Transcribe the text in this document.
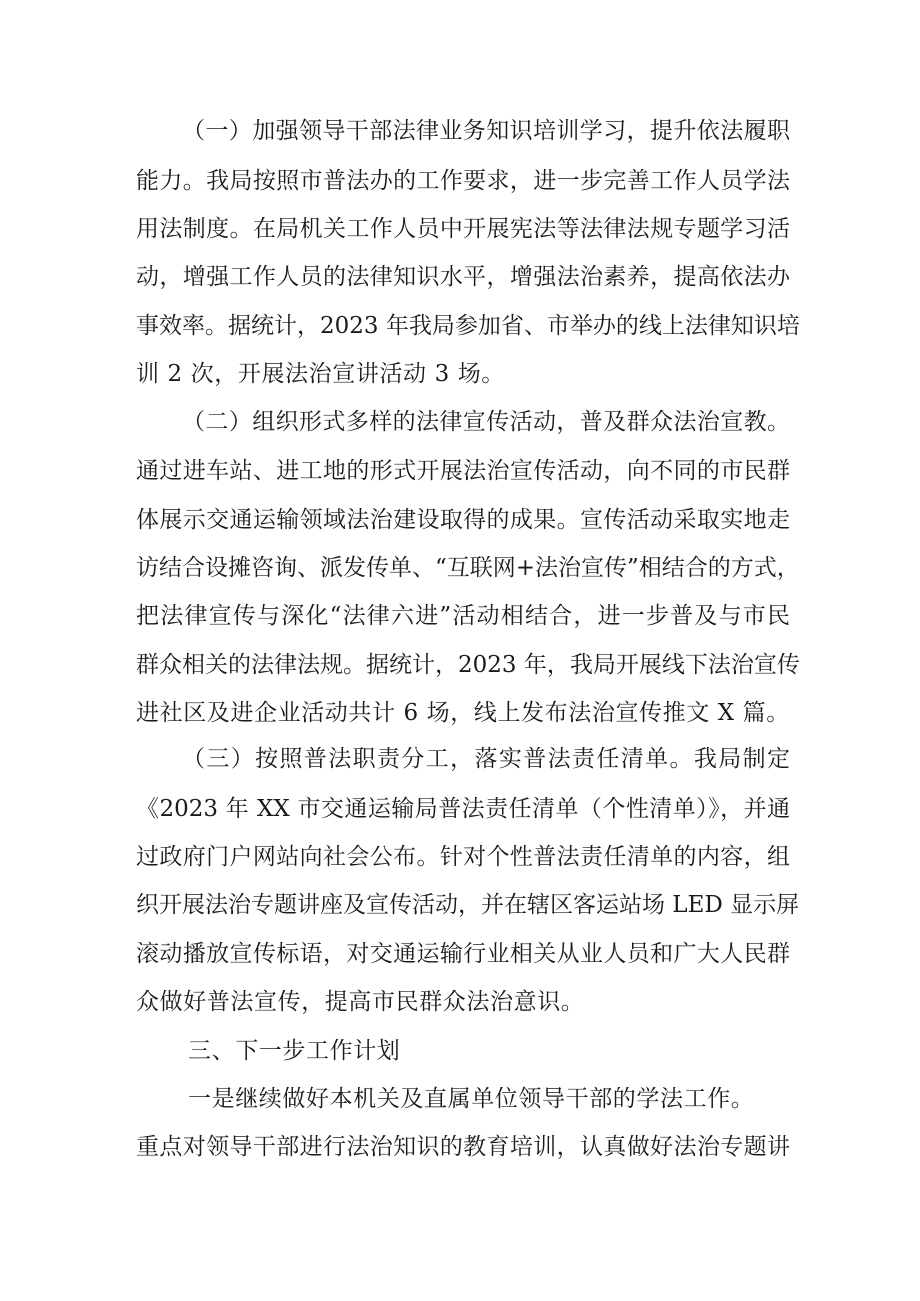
（一）加强领导干部法律业务知识培训学习，提升依法履职

能力。我局按照市普法办的工作要求，进一步完善工作人员学法

用法制度。在局机关工作人员中开展宪法等法律法规专题学习活

动，增强工作人员的法律知识水平，增强法治素养，提高依法办

事效率。据统计，2023 年我局参加省、市举办的线上法律知识培

训 2 次，开展法治宣讲活动 3 场。

（二）组织形式多样的法律宣传活动，普及群众法治宣教。

通过进车站、进工地的形式开展法治宣传活动，向不同的市民群

体展示交通运输领域法治建设取得的成果。宣传活动采取实地走

访结合设摊咨询、派发传单、“互联网+法治宣传”相结合的方式，

把法律宣传与深化“法律六进”活动相结合，进一步普及与市民

群众相关的法律法规。据统计，2023 年，我局开展线下法治宣传

进社区及进企业活动共计 6 场，线上发布法治宣传推文 X 篇。

（三）按照普法职责分工，落实普法责任清单。我局制定

《2023 年 XX 市交通运输局普法责任清单（个性清单）》，并通

过政府门户网站向社会公布。针对个性普法责任清单的内容，组

织开展法治专题讲座及宣传活动，并在辖区客运站场 LED 显示屏

滚动播放宣传标语，对交通运输行业相关从业人员和广大人民群

众做好普法宣传，提高市民群众法治意识。

三、下一步工作计划

一是继续做好本机关及直属单位领导干部的学法工作。

重点对领导干部进行法治知识的教育培训，认真做好法治专题讲
